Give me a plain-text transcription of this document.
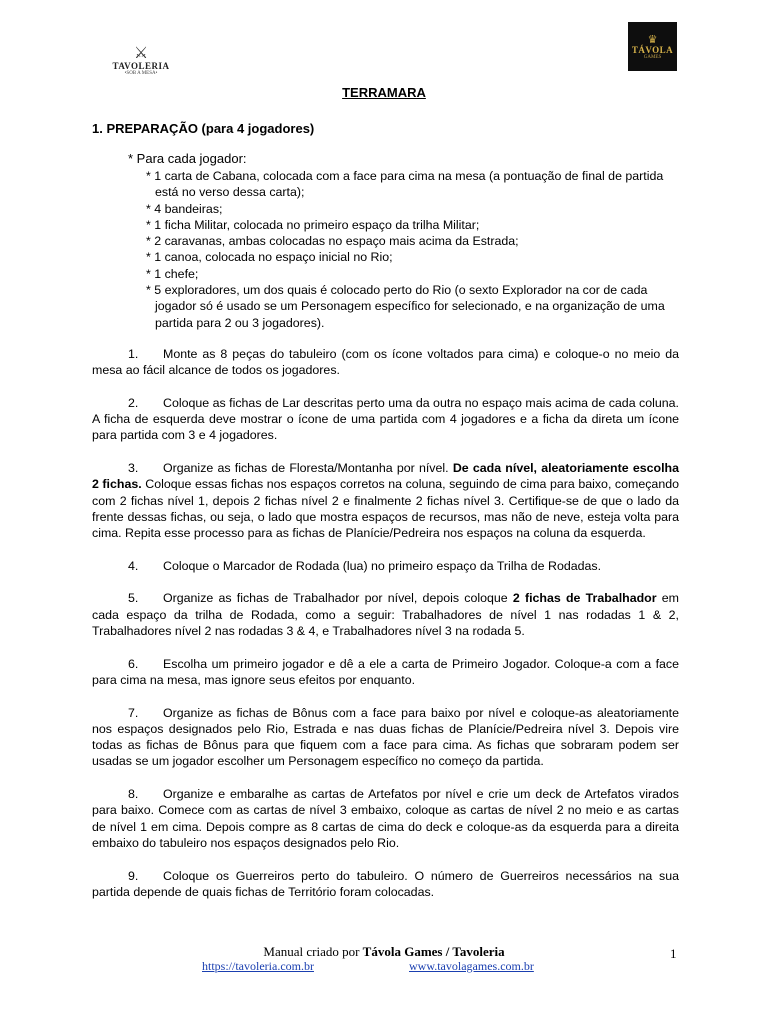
⚔
TAVOLERIA
•SOB A MESA•
♛
TÁVOLA
GAMES
TERRAMARA
1. PREPARAÇÃO (para 4 jogadores)
* Para cada jogador:
* 1 carta de Cabana, colocada com a face para cima na mesa (a pontuação de final de partida está no verso dessa carta);
* 4 bandeiras;
* 1 ficha Militar, colocada no primeiro espaço da trilha Militar;
* 2 caravanas, ambas colocadas no espaço mais acima da Estrada;
* 1 canoa, colocada no espaço inicial no Rio;
* 1 chefe;
* 5 exploradores, um dos quais é colocado perto do Rio (o sexto Explorador na cor de cada jogador só é usado se um Personagem específico for selecionado, e na organização de uma partida para 2 ou 3 jogadores).

1. Monte as 8 peças do tabuleiro (com os ícone voltados para cima) e coloque-o no meio da mesa ao fácil alcance de todos os jogadores.

2. Coloque as fichas de Lar descritas perto uma da outra no espaço mais acima de cada coluna. A ficha de esquerda deve mostrar o ícone de uma partida com 4 jogadores e a ficha da direta um ícone para partida com 3 e 4 jogadores.

3. Organize as fichas de Floresta/Montanha por nível. De cada nível, aleatoriamente escolha 2 fichas. Coloque essas fichas nos espaços corretos na coluna, seguindo de cima para baixo, começando com 2 fichas nível 1, depois 2 fichas nível 2 e finalmente 2 fichas nível 3. Certifique-se de que o lado da frente dessas fichas, ou seja, o lado que mostra espaços de recursos, mas não de neve, esteja volta para cima. Repita esse processo para as fichas de Planície/Pedreira nos espaços na coluna da esquerda.

4. Coloque o Marcador de Rodada (lua) no primeiro espaço da Trilha de Rodadas.

5. Organize as fichas de Trabalhador por nível, depois coloque 2 fichas de Trabalhador em cada espaço da trilha de Rodada, como a seguir: Trabalhadores de nível 1 nas rodadas 1 & 2, Trabalhadores nível 2 nas rodadas 3 & 4, e Trabalhadores nível 3 na rodada 5.

6. Escolha um primeiro jogador e dê a ele a carta de Primeiro Jogador. Coloque-a com a face para cima na mesa, mas ignore seus efeitos por enquanto.

7. Organize as fichas de Bônus com a face para baixo por nível e coloque-as aleatoriamente nos espaços designados pelo Rio, Estrada e nas duas fichas de Planície/Pedreira nível 3. Depois vire todas as fichas de Bônus para que fiquem com a face para cima. As fichas que sobraram podem ser usadas se um jogador escolher um Personagem específico no começo da partida.

8. Organize e embaralhe as cartas de Artefatos por nível e crie um deck de Artefatos virados para baixo. Comece com as cartas de nível 3 embaixo, coloque as cartas de nível 2 no meio e as cartas de nível 1 em cima. Depois compre as 8 cartas de cima do deck e coloque-as da esquerda para a direita embaixo do tabuleiro nos espaços designados pelo Rio.

9. Coloque os Guerreiros perto do tabuleiro. O número de Guerreiros necessários na sua partida depende de quais fichas de Território foram colocadas.

Manual criado por Távola Games / Tavoleria	1
https://tavoleria.com.br	www.tavolagames.com.br
